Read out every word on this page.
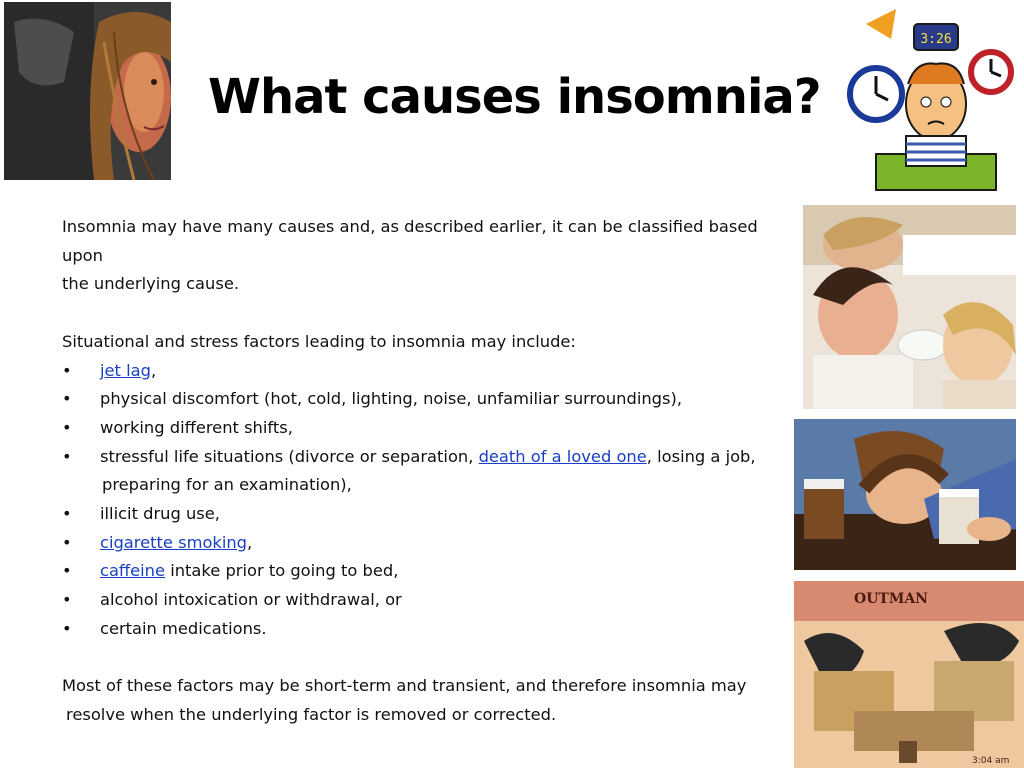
What causes insomnia?
3:26

Insomnia may have many causes and, as described earlier, it can be classified based upon

the underlying cause.

Situational and stress factors leading to insomnia may include:

•	jet lag,
•	physical discomfort (hot, cold, lighting, noise, unfamiliar surroundings),
•	working different shifts,
•	stressful life situations (divorce or separation, death of a loved one, losing a job,

preparing for an examination),

•	illicit drug use,
•	cigarette smoking,
•	caffeine intake prior to going to bed,
•	alcohol intoxication or withdrawal, or
•	certain medications.

Most of these factors may be short-term and transient, and therefore insomnia may

resolve when the underlying factor is removed or corrected.

OUTMAN
3:04 am
